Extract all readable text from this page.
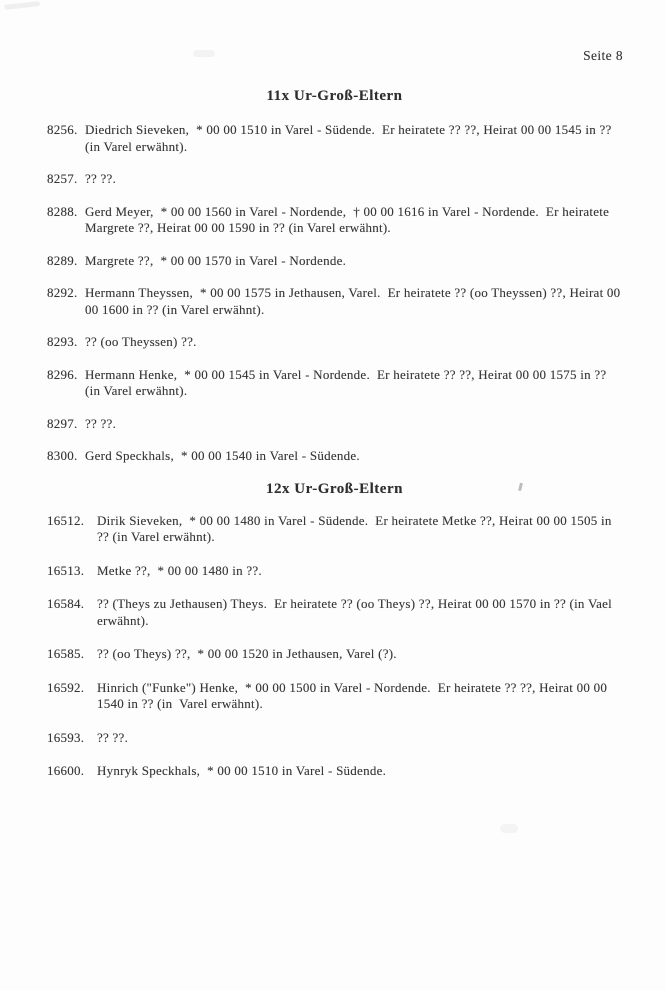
Seite 8
11x Ur-Groß-Eltern

8256. Diedrich Sieveken,  * 00 00 1510 in Varel - Südende.  Er heiratete ?? ??, Heirat 00 00 1545 in ??
(in Varel erwähnt).

8257. ?? ??.

8288. Gerd Meyer,  * 00 00 1560 in Varel - Nordende,  † 00 00 1616 in Varel - Nordende.  Er heiratete
Margrete ??, Heirat 00 00 1590 in ?? (in Varel erwähnt).

8289. Margrete ??,  * 00 00 1570 in Varel - Nordende.

8292. Hermann Theyssen,  * 00 00 1575 in Jethausen, Varel.  Er heiratete ?? (oo Theyssen) ??, Heirat 00
00 1600 in ?? (in Varel erwähnt).

8293. ?? (oo Theyssen) ??.

8296. Hermann Henke,  * 00 00 1545 in Varel - Nordende.  Er heiratete ?? ??, Heirat 00 00 1575 in ??
(in Varel erwähnt).

8297. ?? ??.

8300. Gerd Speckhals,  * 00 00 1540 in Varel - Südende.

12x Ur-Groß-Eltern

16512. Dirik Sieveken,  * 00 00 1480 in Varel - Südende.  Er heiratete Metke ??, Heirat 00 00 1505 in
?? (in Varel erwähnt).

16513. Metke ??,  * 00 00 1480 in ??.

16584. ?? (Theys zu Jethausen) Theys.  Er heiratete ?? (oo Theys) ??, Heirat 00 00 1570 in ?? (in Vael
erwähnt).

16585. ?? (oo Theys) ??,  * 00 00 1520 in Jethausen, Varel (?).

16592. Hinrich ("Funke") Henke,  * 00 00 1500 in Varel - Nordende.  Er heiratete ?? ??, Heirat 00 00
1540 in ?? (in  Varel erwähnt).

16593. ?? ??.

16600. Hynryk Speckhals,  * 00 00 1510 in Varel - Südende.
